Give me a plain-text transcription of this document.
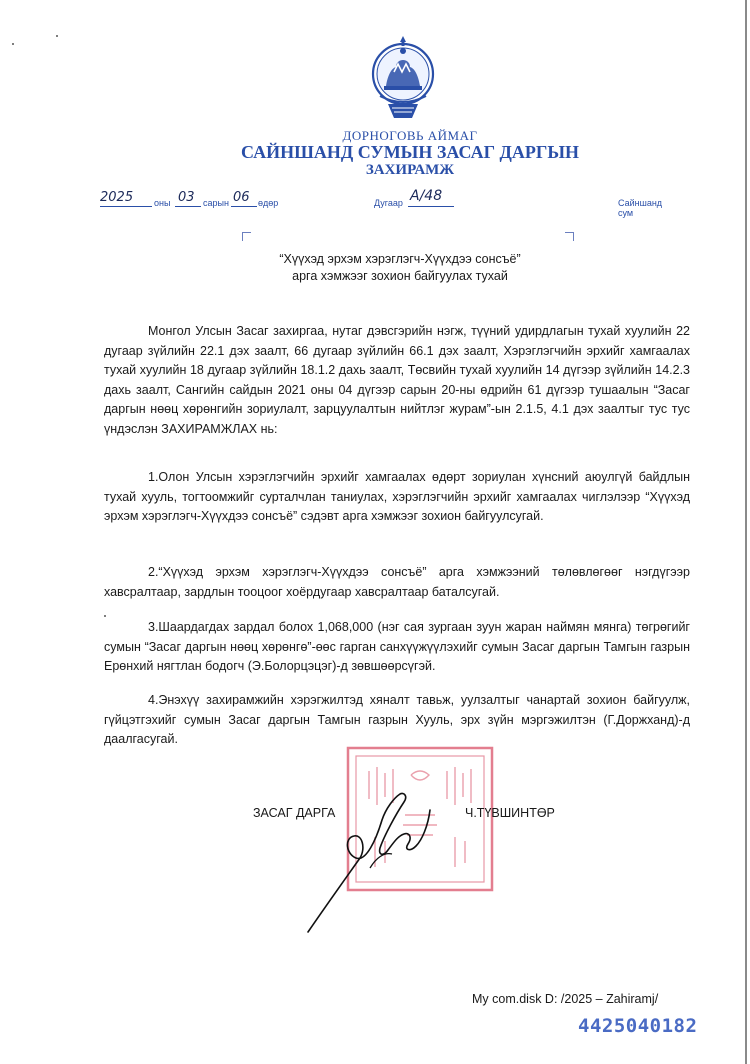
ДОРНОГОВЬ АЙМАГ
САЙНШАНД СУМЫН ЗАСАГ ДАРГЫН
ЗАХИРАМЖ
2025 оны 03 сарын 06 өдөр	Дугаар А/48	Сайншанд сум
“Хүүхэд эрхэм хэрэглэгч-Хүүхдээ сонсъё”
арга хэмжээг зохион байгуулах тухай

Монгол Улсын Засаг захиргаа, нутаг дэвсгэрийн нэгж, түүний удирдлагын тухай хуулийн 22 дугаар зүйлийн 22.1 дэх заалт, 66 дугаар зүйлийн 66.1 дэх заалт, Хэрэглэгчийн эрхийг хамгаалах тухай хуулийн 18 дугаар зүйлийн 18.1.2 дахь заалт, Төсвийн тухай хуулийн 14 дүгээр зүйлийн 14.2.3 дахь заалт, Сангийн сайдын 2021 оны 04 дүгээр сарын 20-ны өдрийн 61 дүгээр тушаалын “Засаг даргын нөөц хөрөнгийн зориулалт, зарцуулалтын нийтлэг журам”-ын 2.1.5, 4.1 дэх заалтыг тус тус үндэслэн ЗАХИРАМЖЛАХ нь:

1.Олон Улсын хэрэглэгчийн эрхийг хамгаалах өдөрт зориулан хүнсний аюулгүй байдлын тухай хууль, тогтоомжийг сурталчлан таниулах, хэрэглэгчийн эрхийг хамгаалах чиглэлээр “Хүүхэд эрхэм хэрэглэгч-Хүүхдээ сонсъё” сэдэвт арга хэмжээг зохион байгуулсугай.

2.“Хүүхэд эрхэм хэрэглэгч-Хүүхдээ сонсъё” арга хэмжээний төлөвлөгөөг нэгдүгээр хавсралтаар, зардлын тооцоог хоёрдугаар хавсралтаар баталсугай.

3.Шаардагдах зардал болох 1,068,000 (нэг сая зургаан зуун жаран наймян мянга) төгрөгийг сумын “Засаг даргын нөөц хөрөнгө”-өөс гарган санхүүжүүлэхийг сумын Засаг даргын Тамгын газрын Ерөнхий нягтлан бодогч (Э.Болорцэцэг)-д зөвшөөрсүгэй.

4.Энэхүү захирамжийн хэрэгжилтэд хяналт тавьж, уулзалтыг чанартай зохион байгуулж, гүйцэтгэхийг сумын Засаг даргын Тамгын газрын Хууль, эрх зүйн мэргэжилтэн (Г.Доржханд)-д даалгасугай.

ЗАСАГ ДАРГА	Ч.ТҮВШИНТӨР
My com.disk D: /2025 – Zahiramj/
4425040182
